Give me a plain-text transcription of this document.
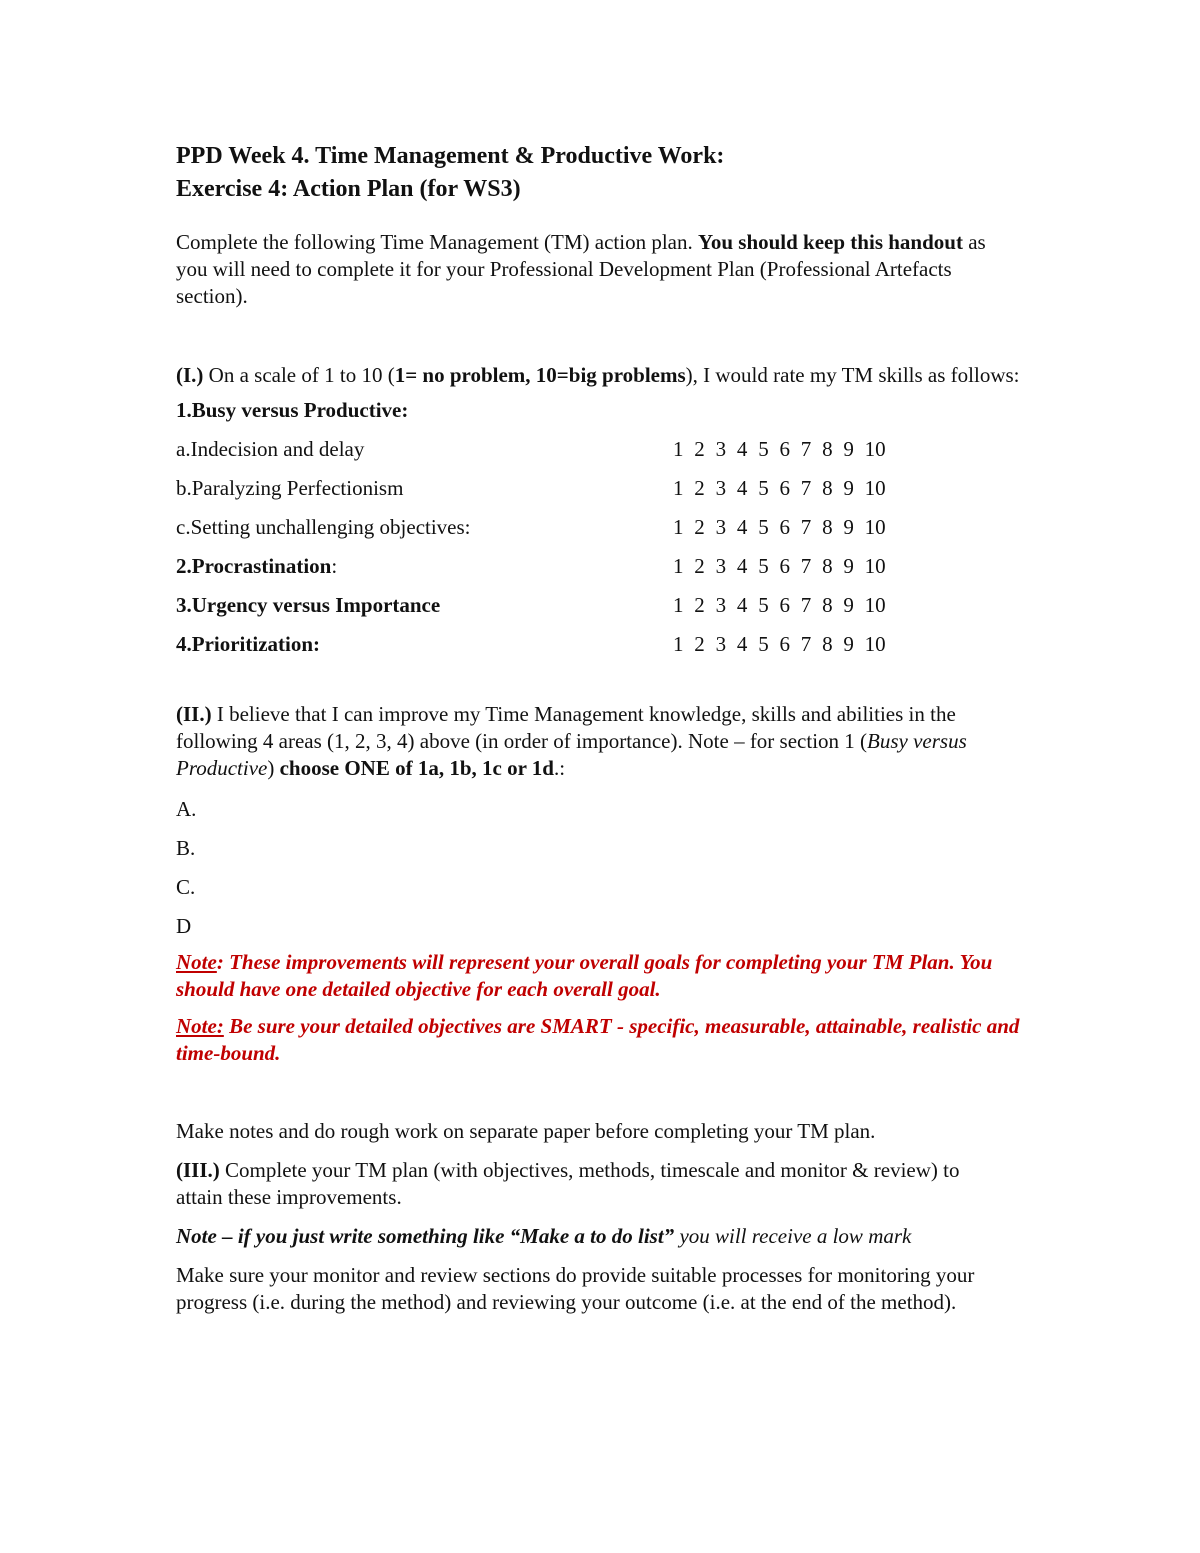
PPD Week 4. Time Management & Productive Work:

Exercise 4: Action Plan (for WS3)

Complete the following Time Management (TM) action plan. You should keep this handout as you will need to complete it for your Professional Development Plan (Professional Artefacts section).

(I.) On a scale of 1 to 10 (1= no problem, 10=big problems), I would rate my TM skills as follows:

1.Busy versus Productive:
a.Indecision and delay	1 2 3 4 5 6 7 8 9 10
b.Paralyzing Perfectionism	1 2 3 4 5 6 7 8 9 10
c.Setting unchallenging objectives:	1 2 3 4 5 6 7 8 9 10
2.Procrastination:	1 2 3 4 5 6 7 8 9 10
3.Urgency versus Importance	1 2 3 4 5 6 7 8 9 10
4.Prioritization:	1 2 3 4 5 6 7 8 9 10

(II.) I believe that I can improve my Time Management knowledge, skills and abilities in the following 4 areas (1, 2, 3, 4) above (in order of importance). Note – for section 1 (Busy versus Productive) choose ONE of 1a, 1b, 1c or 1d.:

A.
B.
C.
D

Note: These improvements will represent your overall goals for completing your TM Plan. You should have one detailed objective for each overall goal.

Note: Be sure your detailed objectives are SMART - specific, measurable, attainable, realistic and time-bound.

Make notes and do rough work on separate paper before completing your TM plan.

(III.) Complete your TM plan (with objectives, methods, timescale and monitor & review) to attain these improvements.

Note – if you just write something like “Make a to do list” you will receive a low mark

Make sure your monitor and review sections do provide suitable processes for monitoring your progress (i.e. during the method) and reviewing your outcome (i.e. at the end of the method).
